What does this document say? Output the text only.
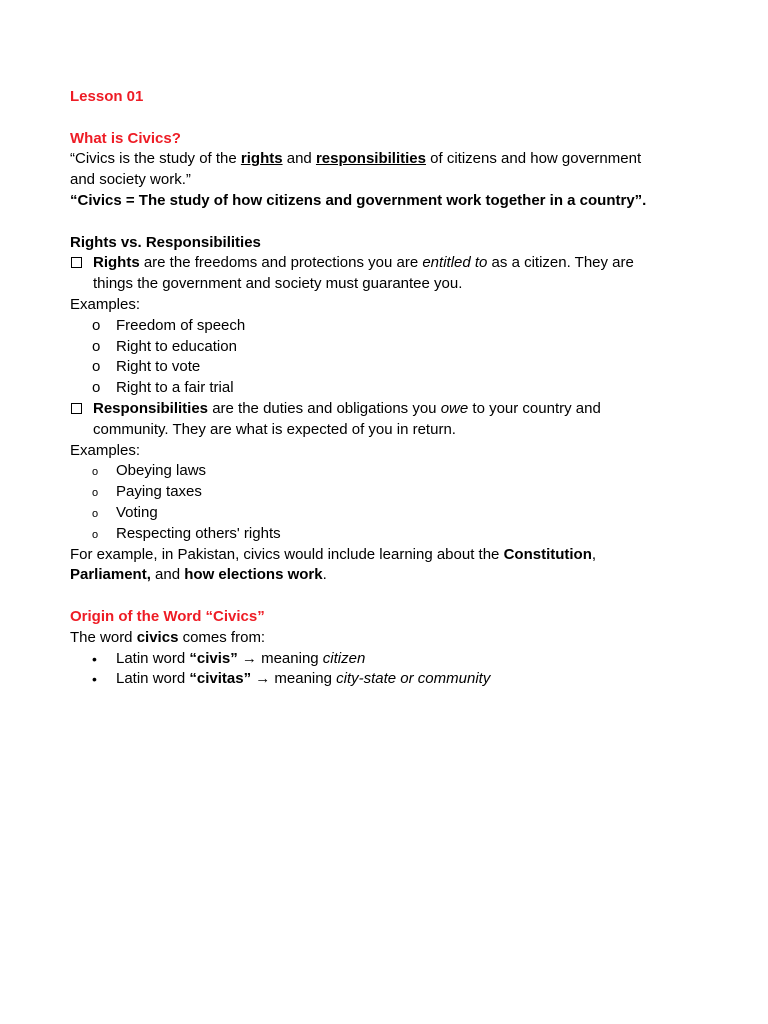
Lesson 01
What is Civics?
“Civics is the study of the rights and responsibilities of citizens and how government
and society work.”
“Civics = The study of how citizens and government work together in a country”.
Rights vs. Responsibilities
Rights are the freedoms and protections you are entitled to as a citizen. They are
things the government and society must guarantee you.
Examples:
o	Freedom of speech
o	Right to education
o	Right to vote
o	Right to a fair trial
Responsibilities are the duties and obligations you owe to your country and
community. They are what is expected of you in return.
Examples:
o	Obeying laws
o	Paying taxes
o	Voting
o	Respecting others' rights
For example, in Pakistan, civics would include learning about the Constitution,
Parliament, and how elections work.
Origin of the Word “Civics”
The word civics comes from:
•	Latin word “civis” → meaning citizen
•	Latin word “civitas” → meaning city-state or community
